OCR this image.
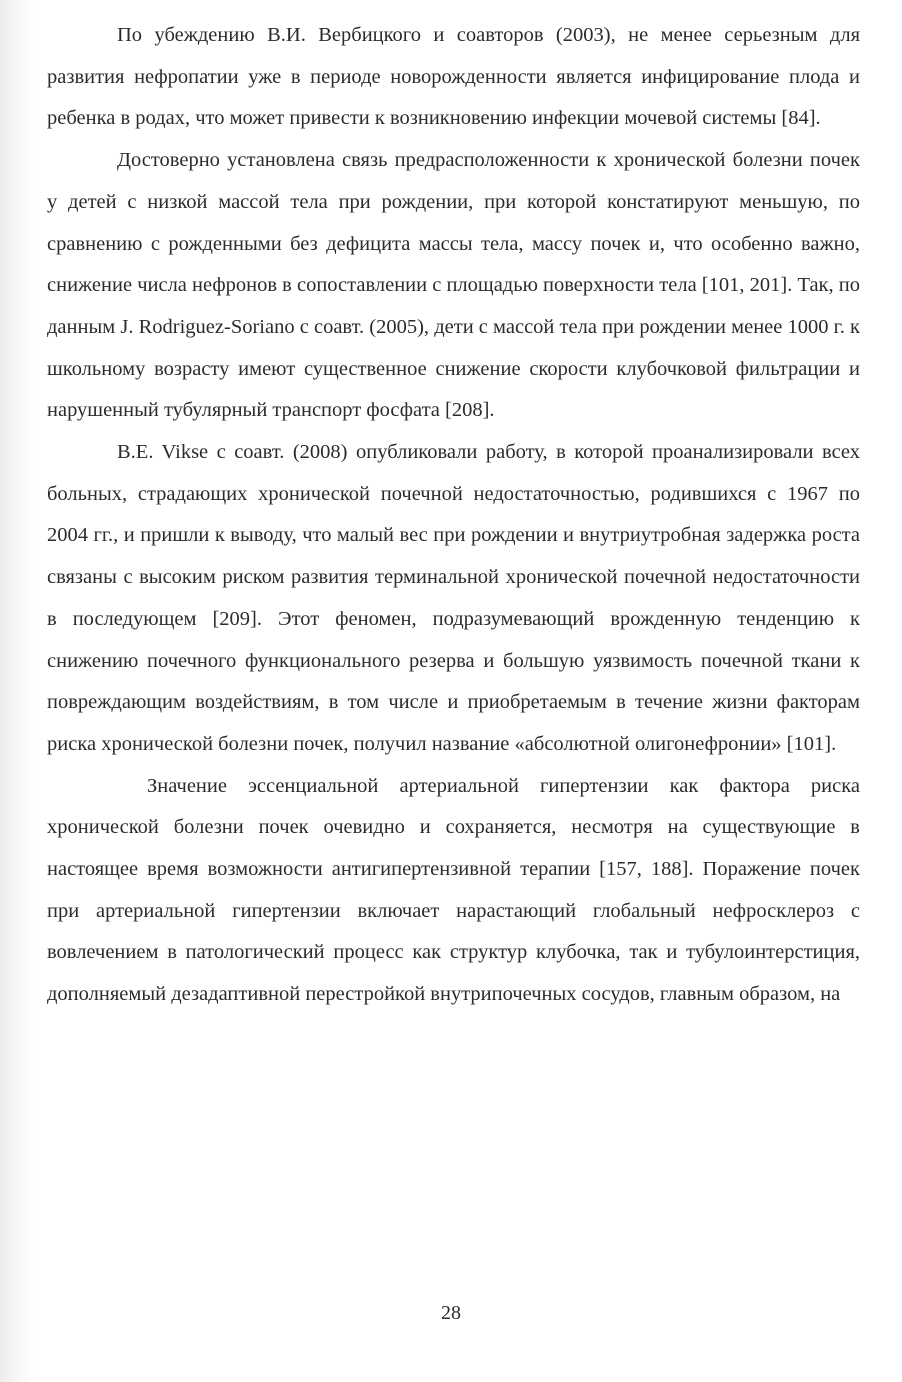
По убеждению В.И. Вербицкого и соавторов (2003), не менее серьезным для развития нефропатии уже в периоде новорожденности является инфицирование плода и ребенка в родах, что может привести к возникновению инфекции мочевой системы [84].

Достоверно установлена связь предрасположенности к хронической болезни почек у детей с низкой массой тела при рождении, при которой констатируют меньшую, по сравнению с рожденными без дефицита массы тела, массу почек и, что особенно важно, снижение числа нефронов в сопоставлении с площадью поверхности тела [101, 201]. Так, по данным J. Rodriguez-Soriano с соавт. (2005), дети с массой тела при рождении менее 1000 г. к школьному возрасту имеют существенное снижение скорости клубочковой фильтрации и нарушенный тубулярный транспорт фосфата [208].

B.E. Vikse с соавт. (2008) опубликовали работу, в которой проанализировали всех больных, страдающих хронической почечной недостаточностью, родившихся с 1967 по 2004 гг., и пришли к выводу, что малый вес при рождении и внутриутробная задержка роста связаны с высоким риском развития терминальной хронической почечной недостаточности в последующем [209]. Этот феномен, подразумевающий врожденную тенденцию к снижению почечного функционального резерва и большую уязвимость почечной ткани к повреждающим воздействиям, в том числе и приобретаемым в течение жизни факторам риска хронической болезни почек, получил название «абсолютной олигонефронии» [101].

Значение эссенциальной артериальной гипертензии как фактора риска хронической болезни почек очевидно и сохраняется, несмотря на существующие в настоящее время возможности антигипертензивной терапии [157, 188]. Поражение почек при артериальной гипертензии включает нарастающий глобальный нефросклероз с вовлечением в патологический процесс как структур клубочка, так и тубулоинтерстиция, дополняемый дезадаптивной перестройкой внутрипочечных сосудов, главным образом, на

28
